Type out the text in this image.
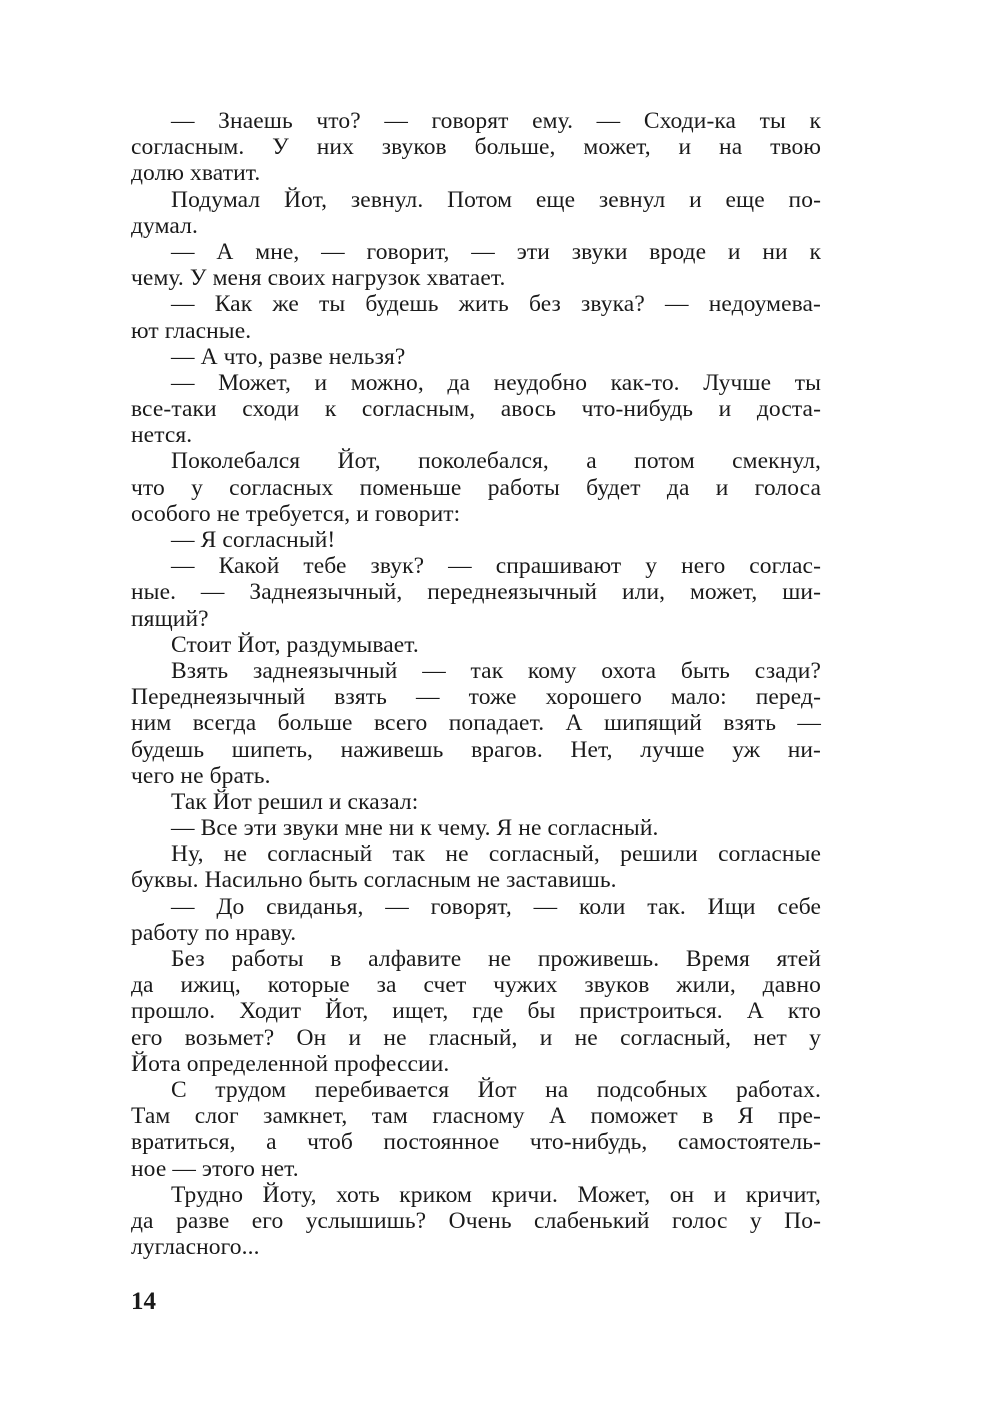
— Знаешь что? — говорят ему. — Сходи-ка ты к
согласным. У них звуков больше, может, и на твою
долю хватит.
Подумал Йот, зевнул. Потом еще зевнул и еще по-
думал.
— А мне, — говорит, — эти звуки вроде и ни к
чему. У меня своих нагрузок хватает.
— Как же ты будешь жить без звука? — недоумева-
ют гласные.
— А что, разве нельзя?
— Может, и можно, да неудобно как-то. Лучше ты
все-таки сходи к согласным, авось что-нибудь и доста-
нется.
Поколебался Йот, поколебался, а потом смекнул,
что у согласных поменьше работы будет да и голоса
особого не требуется, и говорит:
— Я согласный!
— Какой тебе звук? — спрашивают у него соглас-
ные. — Заднеязычный, переднеязычный или, может, ши-
пящий?
Стоит Йот, раздумывает.
Взять заднеязычный — так кому охота быть сзади?
Переднеязычный взять — тоже хорошего мало: перед-
ним всегда больше всего попадает. А шипящий взять —
будешь шипеть, наживешь врагов. Нет, лучше уж ни-
чего не брать.
Так Йот решил и сказал:
— Все эти звуки мне ни к чему. Я не согласный.
Ну, не согласный так не согласный, решили согласные
буквы. Насильно быть согласным не заставишь.
— До свиданья, — говорят, — коли так. Ищи себе
работу по нраву.
Без работы в алфавите не проживешь. Время ятей
да ижиц, которые за счет чужих звуков жили, давно
прошло. Ходит Йот, ищет, где бы пристроиться. А кто
его возьмет? Он и не гласный, и не согласный, нет у
Йота определенной профессии.
С трудом перебивается Йот на подсобных работах.
Там слог замкнет, там гласному А поможет в Я пре-
вратиться, а чтоб постоянное что-нибудь, самостоятель-
ное — этого нет.
Трудно Йоту, хоть криком кричи. Может, он и кричит,
да разве его услышишь? Очень слабенький голос у По-
лугласного...
14
